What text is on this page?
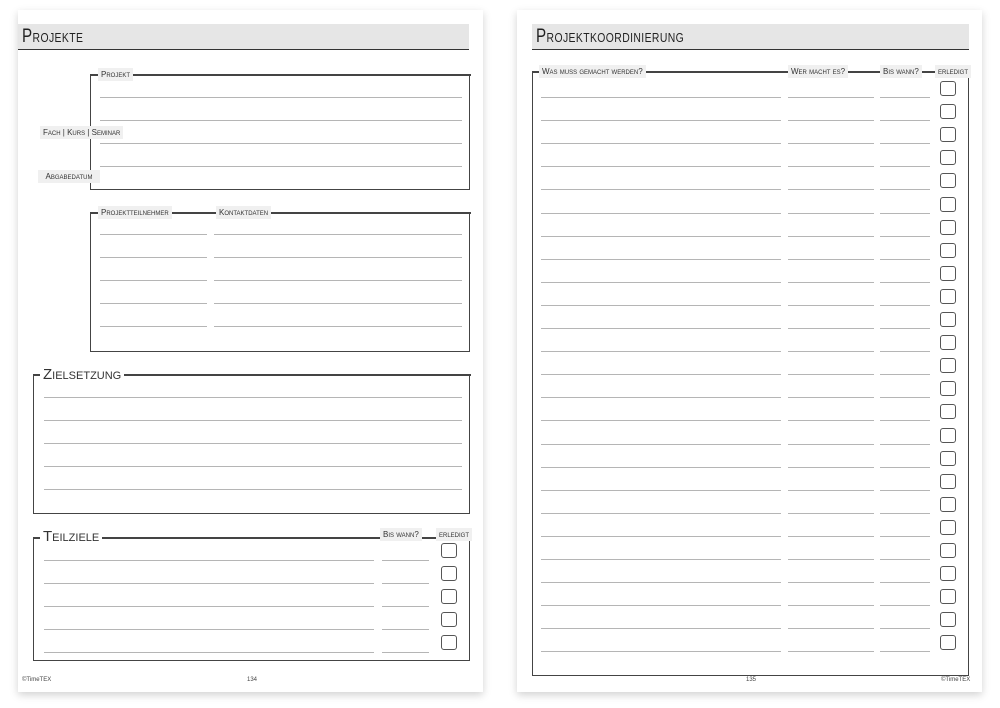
Projekte
Projekt
Fach | Kurs | Seminar
Abgabedatum
Projektteilnehmer	Kontaktdaten
Zielsetzung
Teilziele	Bis wann?	erledigt
©TimeTEX	134
Projektkoordinierung
Was muss gemacht werden?	Wer macht es?	Bis wann?	erledigt
135	©TimeTEX
